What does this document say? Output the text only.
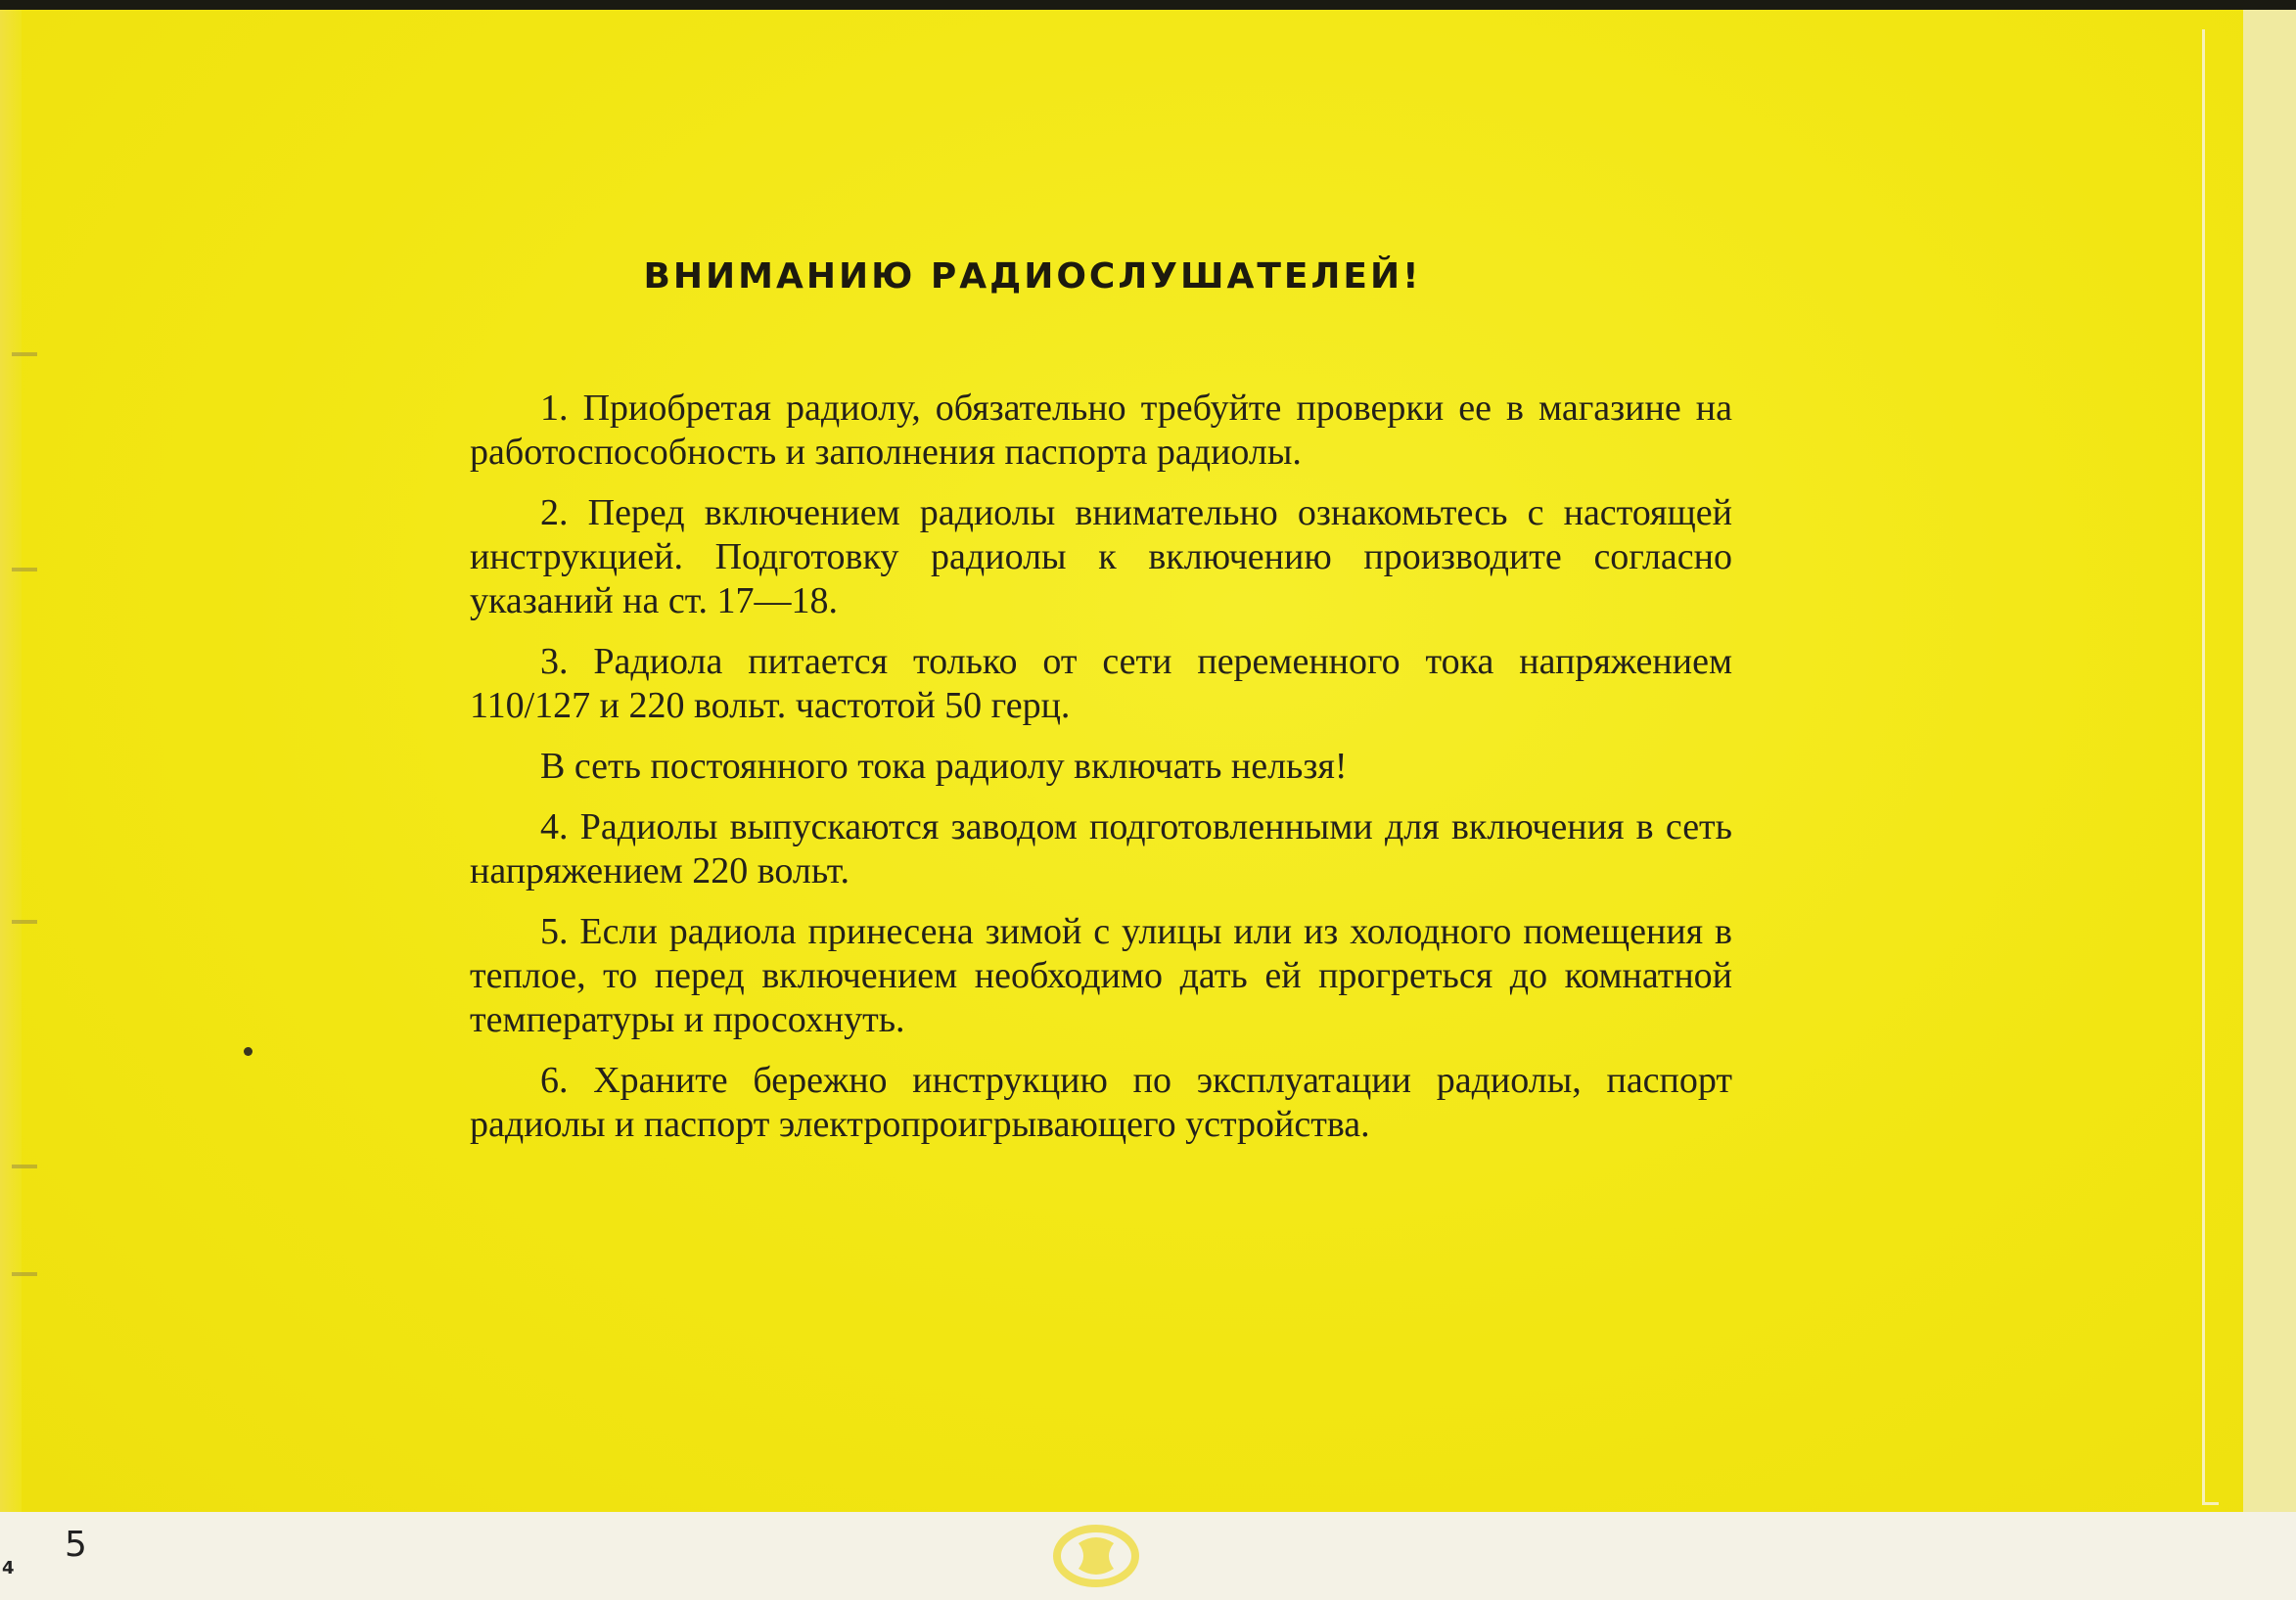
ВНИМАНИЮ РАДИОСЛУШАТЕЛЕЙ!

1. Приобретая радиолу, обязательно требуйте проверки ее в магазине на работоспособность и заполнения паспорта радиолы.

2. Перед включением радиолы внимательно ознакомьтесь с настоящей инструкцией. Подготовку радиолы к включению производите согласно указаний на ст. 17—18.

3. Радиола питается только от сети переменного тока напряжением 110/127 и 220 вольт. частотой 50 герц.

В сеть постоянного тока радиолу включать нельзя!

4. Радиолы выпускаются заводом подготовленными для включения в сеть напряжением 220 вольт.

5. Если радиола принесена зимой с улицы или из холодного помещения в теплое, то перед включением необходимо дать ей прогреться до комнатной температуры и просохнуть.

6. Храните бережно инструкцию по эксплуатации радиолы, паспорт радиолы и паспорт электропроигрывающего устройства.

4
5
